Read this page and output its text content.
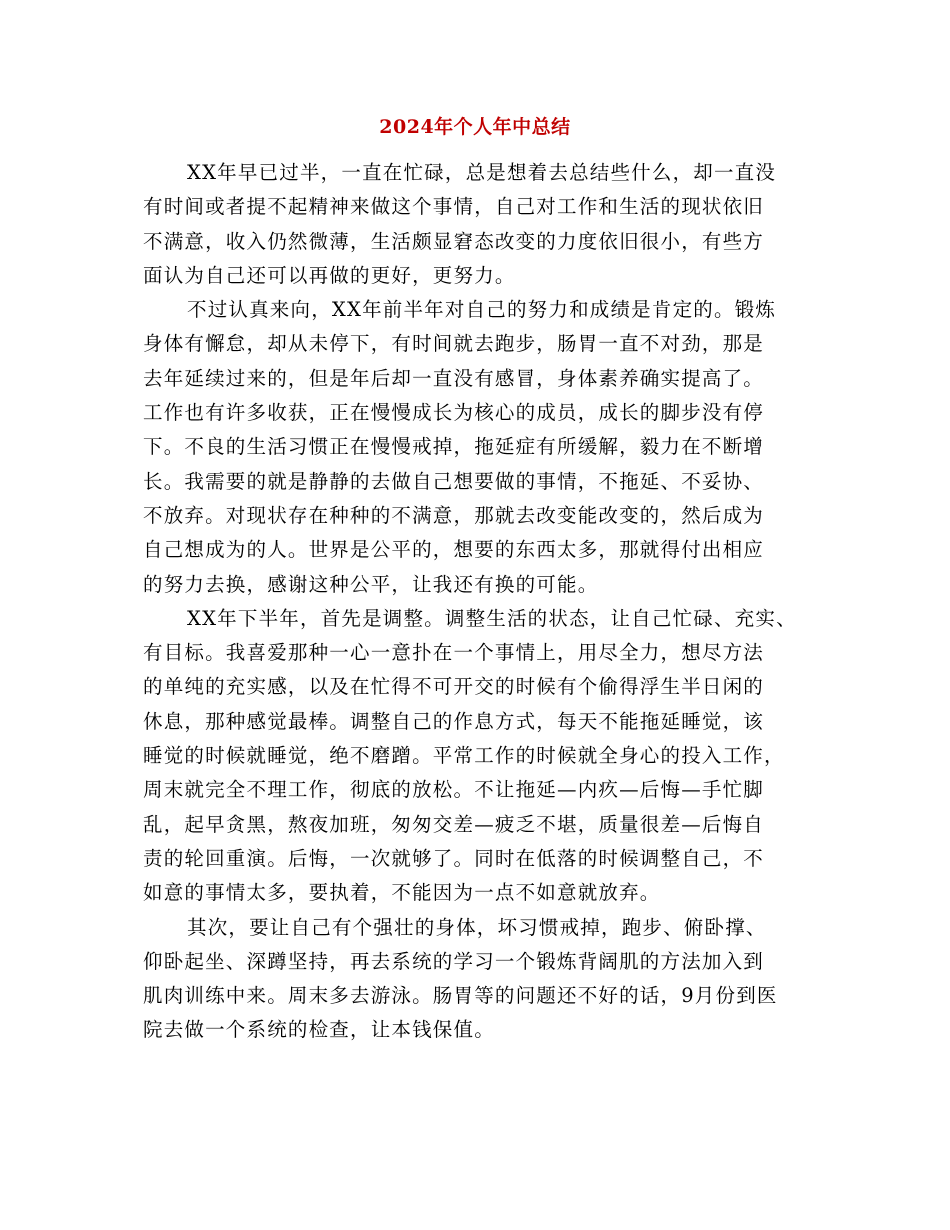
2024年个人年中总结
XX年早已过半，一直在忙碌，总是想着去总结些什么，却一直没
有时间或者提不起精神来做这个事情，自己对工作和生活的现状依旧
不满意，收入仍然微薄，生活颇显窘态改变的力度依旧很小，有些方
面认为自己还可以再做的更好，更努力。
不过认真来向，XX年前半年对自己的努力和成绩是肯定的。锻炼
身体有懈怠，却从未停下，有时间就去跑步，肠胃一直不对劲，那是
去年延续过来的，但是年后却一直没有感冒，身体素养确实提高了。
工作也有许多收获，正在慢慢成长为核心的成员，成长的脚步没有停
下。不良的生活习惯正在慢慢戒掉，拖延症有所缓解，毅力在不断增
长。我需要的就是静静的去做自己想要做的事情，不拖延、不妥协、
不放弃。对现状存在种种的不满意，那就去改变能改变的，然后成为
自己想成为的人。世界是公平的，想要的东西太多，那就得付出相应
的努力去换，感谢这种公平，让我还有换的可能。
XX年下半年，首先是调整。调整生活的状态，让自己忙碌、充实、
有目标。我喜爱那种一心一意扑在一个事情上，用尽全力，想尽方法
的单纯的充实感，以及在忙得不可开交的时候有个偷得浮生半日闲的
休息，那种感觉最棒。调整自己的作息方式，每天不能拖延睡觉，该
睡觉的时候就睡觉，绝不磨蹭。平常工作的时候就全身心的投入工作，
周末就完全不理工作，彻底的放松。不让拖延—内疚—后悔—手忙脚
乱，起早贪黑，熬夜加班，匆匆交差—疲乏不堪，质量很差—后悔自
责的轮回重演。后悔，一次就够了。同时在低落的时候调整自己，不
如意的事情太多，要执着，不能因为一点不如意就放弃。
其次，要让自己有个强壮的身体，坏习惯戒掉，跑步、俯卧撑、
仰卧起坐、深蹲坚持，再去系统的学习一个锻炼背阔肌的方法加入到
肌肉训练中来。周末多去游泳。肠胃等的问题还不好的话，9月份到医
院去做一个系统的检查，让本钱保值。
